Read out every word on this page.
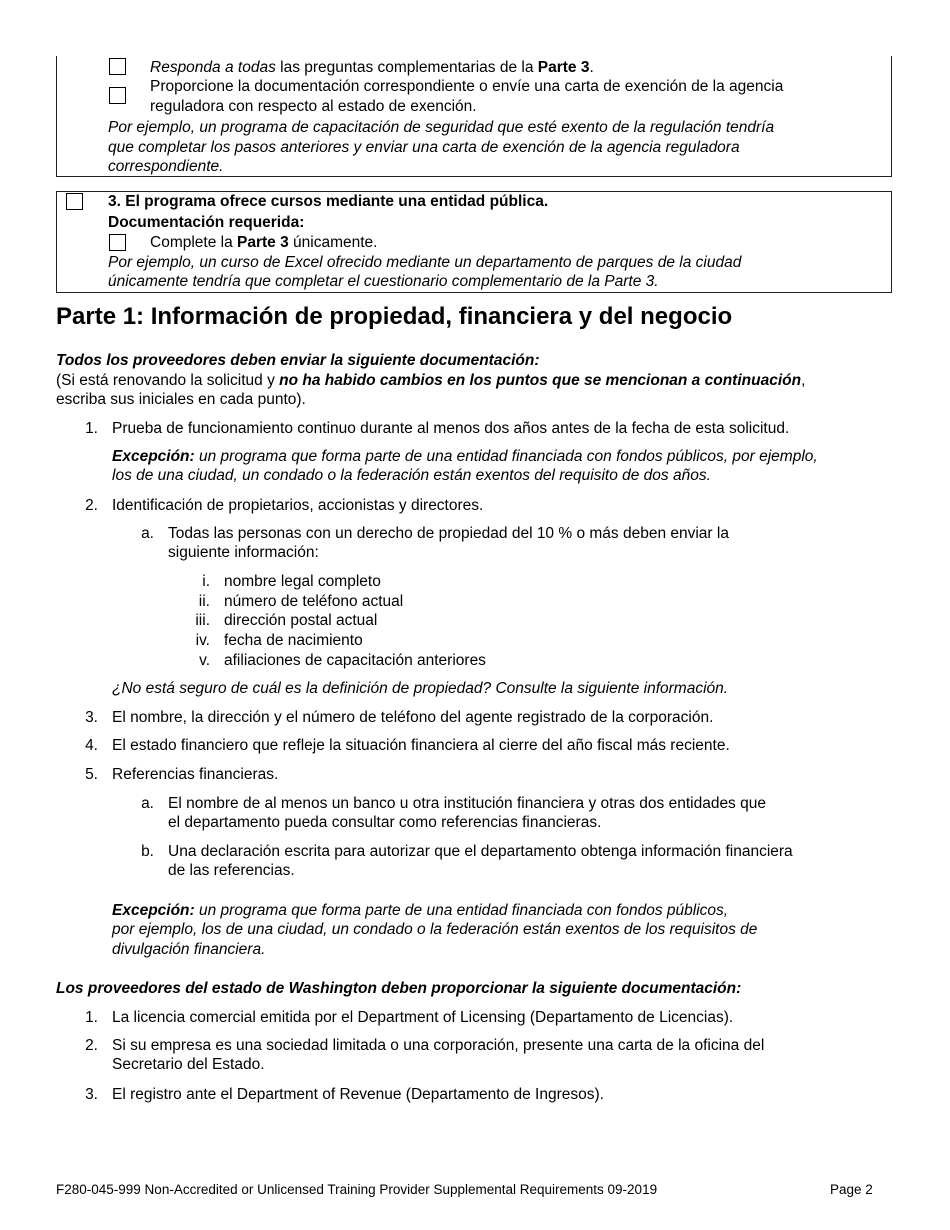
Responda a todas las preguntas complementarias de la Parte 3.
Proporcione la documentación correspondiente o envíe una carta de exención de la agencia
reguladora con respecto al estado de exención.
Por ejemplo, un programa de capacitación de seguridad que esté exento de la regulación tendría
que completar los pasos anteriores y enviar una carta de exención de la agencia reguladora
correspondiente.
3. El programa ofrece cursos mediante una entidad pública.
Documentación requerida:
Complete la Parte 3 únicamente.
Por ejemplo, un curso de Excel ofrecido mediante un departamento de parques de la ciudad
únicamente tendría que completar el cuestionario complementario de la Parte 3.
Parte 1: Información de propiedad, financiera y del negocio
Todos los proveedores deben enviar la siguiente documentación:
(Si está renovando la solicitud y no ha habido cambios en los puntos que se mencionan a continuación,
escriba sus iniciales en cada punto).
1. Prueba de funcionamiento continuo durante al menos dos años antes de la fecha de esta solicitud.
Excepción: un programa que forma parte de una entidad financiada con fondos públicos, por ejemplo,
los de una ciudad, un condado o la federación están exentos del requisito de dos años.
2. Identificación de propietarios, accionistas y directores.
a. Todas las personas con un derecho de propiedad del 10 % o más deben enviar la
siguiente información:
i. nombre legal completo
ii. número de teléfono actual
iii. dirección postal actual
iv. fecha de nacimiento
v. afiliaciones de capacitación anteriores
¿No está seguro de cuál es la definición de propiedad? Consulte la siguiente información.
3. El nombre, la dirección y el número de teléfono del agente registrado de la corporación.
4. El estado financiero que refleje la situación financiera al cierre del año fiscal más reciente.
5. Referencias financieras.
a. El nombre de al menos un banco u otra institución financiera y otras dos entidades que
el departamento pueda consultar como referencias financieras.
b. Una declaración escrita para autorizar que el departamento obtenga información financiera
de las referencias.
Excepción: un programa que forma parte de una entidad financiada con fondos públicos,
por ejemplo, los de una ciudad, un condado o la federación están exentos de los requisitos de
divulgación financiera.
Los proveedores del estado de Washington deben proporcionar la siguiente documentación:
1. La licencia comercial emitida por el Department of Licensing (Departamento de Licencias).
2. Si su empresa es una sociedad limitada o una corporación, presente una carta de la oficina del
Secretario del Estado.
3. El registro ante el Department of Revenue (Departamento de Ingresos).
F280-045-999 Non-Accredited or Unlicensed Training Provider Supplemental Requirements 09-2019	Page 2
